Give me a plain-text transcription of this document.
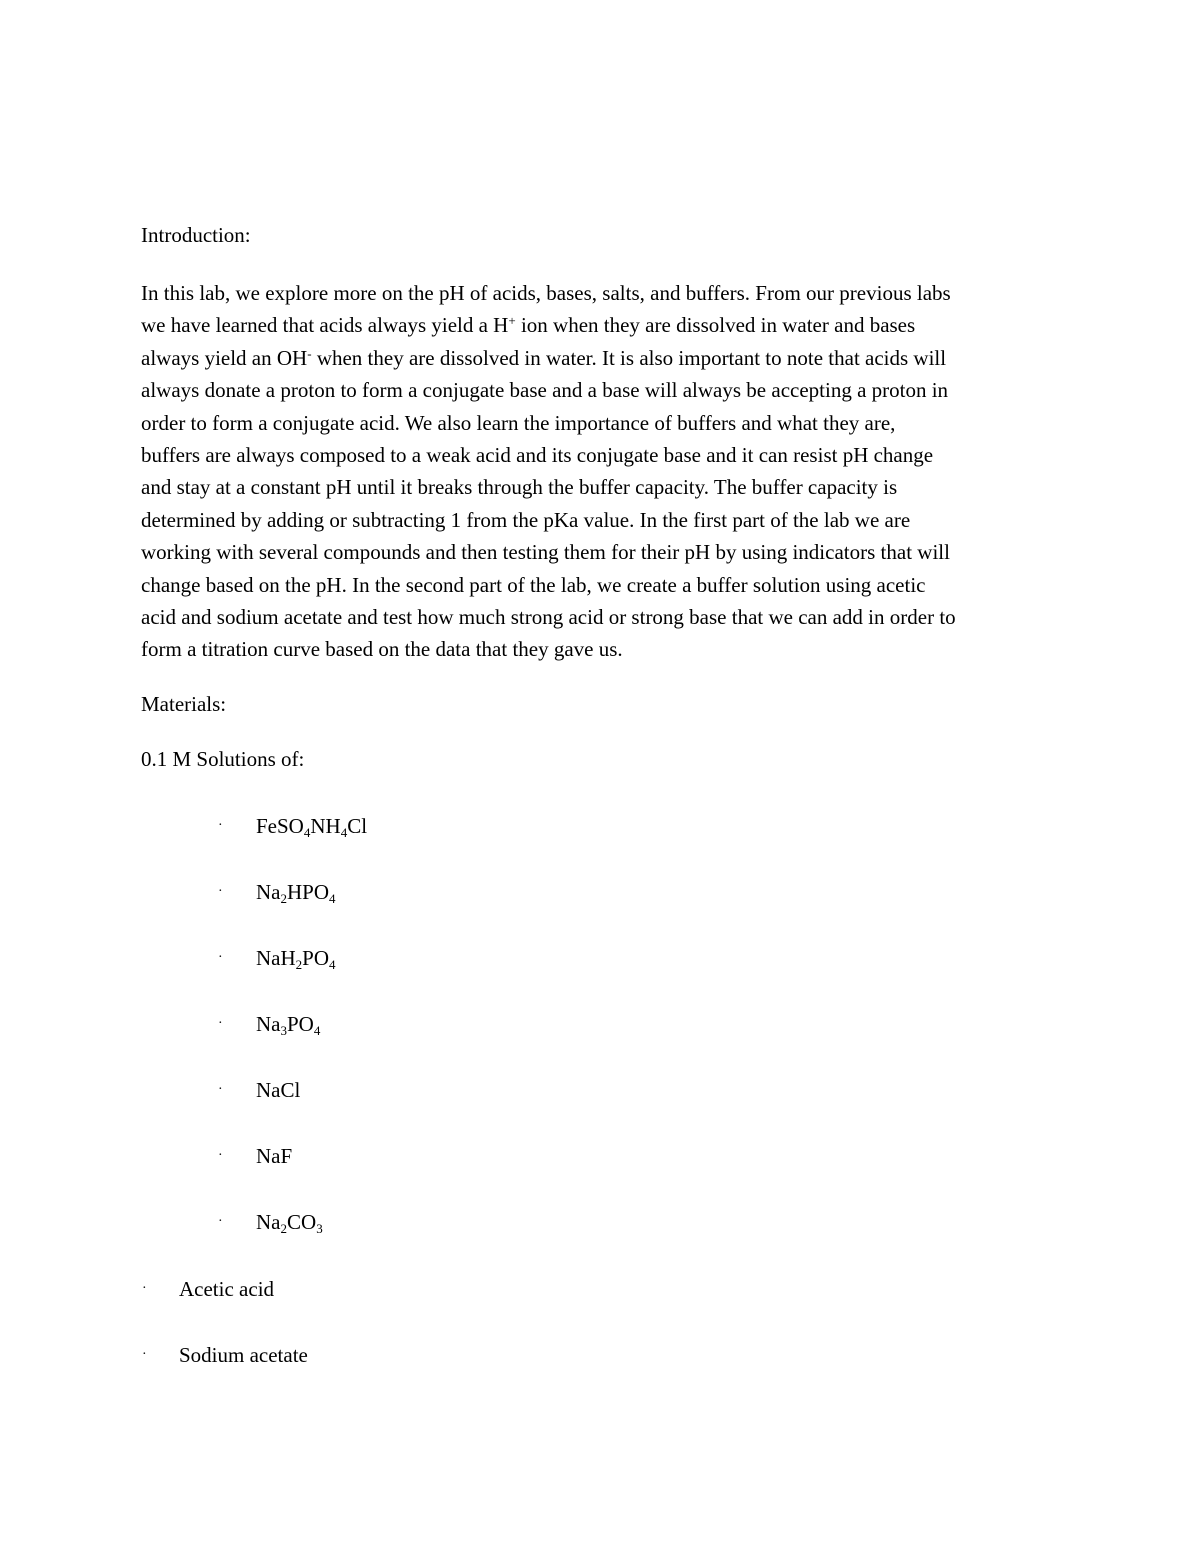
Introduction:
In this lab, we explore more on the pH of acids, bases, salts, and buffers. From our previous labs
we have learned that acids always yield a H+ ion when they are dissolved in water and bases
always yield an OH- when they are dissolved in water. It is also important to note that acids will
always donate a proton to form a conjugate base and a base will always be accepting a proton in
order to form a conjugate acid. We also learn the importance of buffers and what they are,
buffers are always composed to a weak acid and its conjugate base and it can resist pH change
and stay at a constant pH until it breaks through the buffer capacity. The buffer capacity is
determined by adding or subtracting 1 from the pKa value. In the first part of the lab we are
working with several compounds and then testing them for their pH by using indicators that will
change based on the pH. In the second part of the lab, we create a buffer solution using acetic
acid and sodium acetate and test how much strong acid or strong base that we can add in order to
form a titration curve based on the data that they gave us.
Materials:
0.1 M Solutions of:
· $FeSO_4NH_4Cl$
· $Na_2HPO_4$
· $NaH_2PO_4$
· $Na_3PO_4$
· NaCl
· NaF
· $Na_2CO_3$
· Acetic acid
· Sodium acetate
